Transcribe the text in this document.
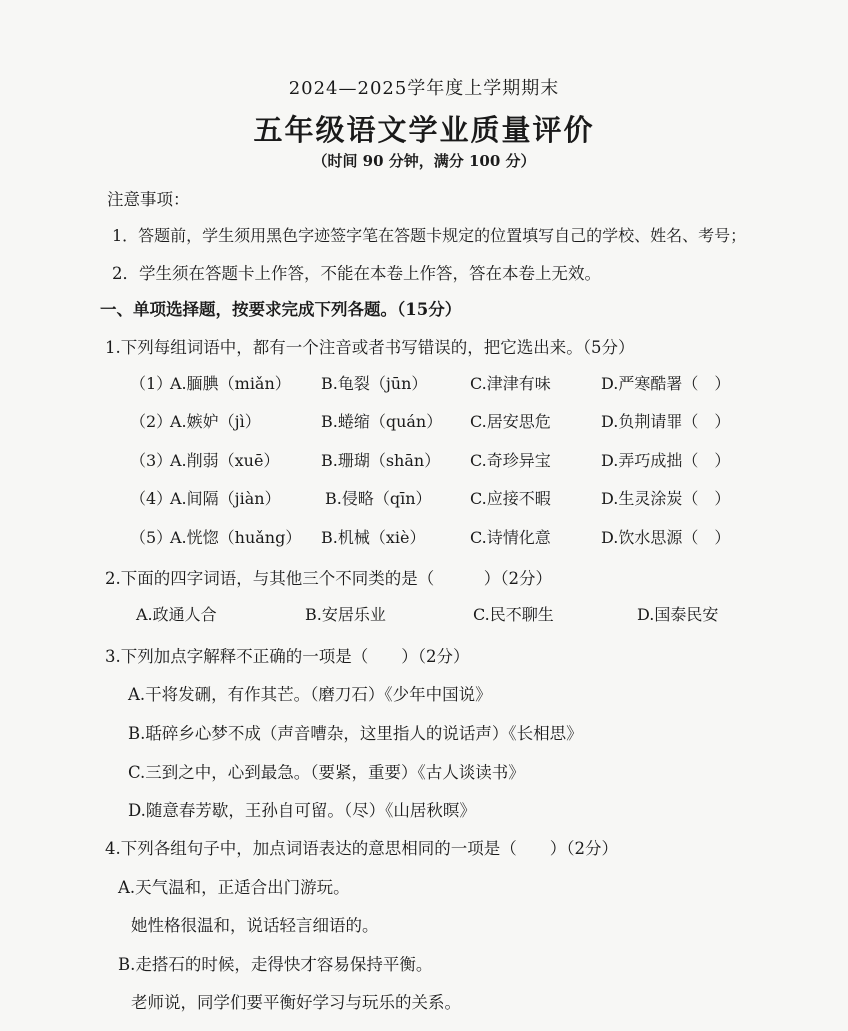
2024—2025学年度上学期期末
五年级语文学业质量评价
（时间 90 分钟，满分 100 分）
注意事项：
1．答题前，学生须用黑色字迹签字笔在答题卡规定的位置填写自己的学校、姓名、考号；
2．学生须在答题卡上作答，不能在本卷上作答，答在本卷上无效。
一、单项选择题，按要求完成下列各题。（15分）
1.下列每组词语中，都有一个注音或者书写错误的，把它选出来。（5分）
（1）
A.腼腆（miǎn） B.龟裂（jūn）	C.津津有味	D.严寒酷署（　）
（2）
A.嫉妒（jì）	B.蜷缩（quán） C.居安思危	D.负荆请罪（　）
（3）
A.削弱（xuē）	B.珊瑚（shān） C.奇珍异宝	D.弄巧成拙（　）
（4）
A.间隔（jiàn）	B.侵略（qīn） C.应接不暇	D.生灵涂炭（　）
（5）
A.恍惚（huǎng） B.机械（xiè）	C.诗情化意	D.饮水思源（　）
2.下面的四字词语，与其他三个不同类的是（　　　）（2分）
A.政通人合	B.安居乐业	C.民不聊生	D.国泰民安
3.下列加点字解释不正确的一项是（　　）（2分）
A.干将发硎，有作其芒。（磨刀石）《少年中国说》
B.聒碎乡心梦不成（声音嘈杂，这里指人的说话声）《长相思》
C.三到之中，心到最急。（要紧，重要）《古人谈读书》
D.随意春芳歇，王孙自可留。（尽）《山居秋暝》
4.下列各组句子中，加点词语表达的意思相同的一项是（　　）（2分）
A.天气温和，正适合出门游玩。
她性格很温和，说话轻言细语的。
B.走搭石的时候，走得快才容易保持平衡。
老师说，同学们要平衡好学习与玩乐的关系。
